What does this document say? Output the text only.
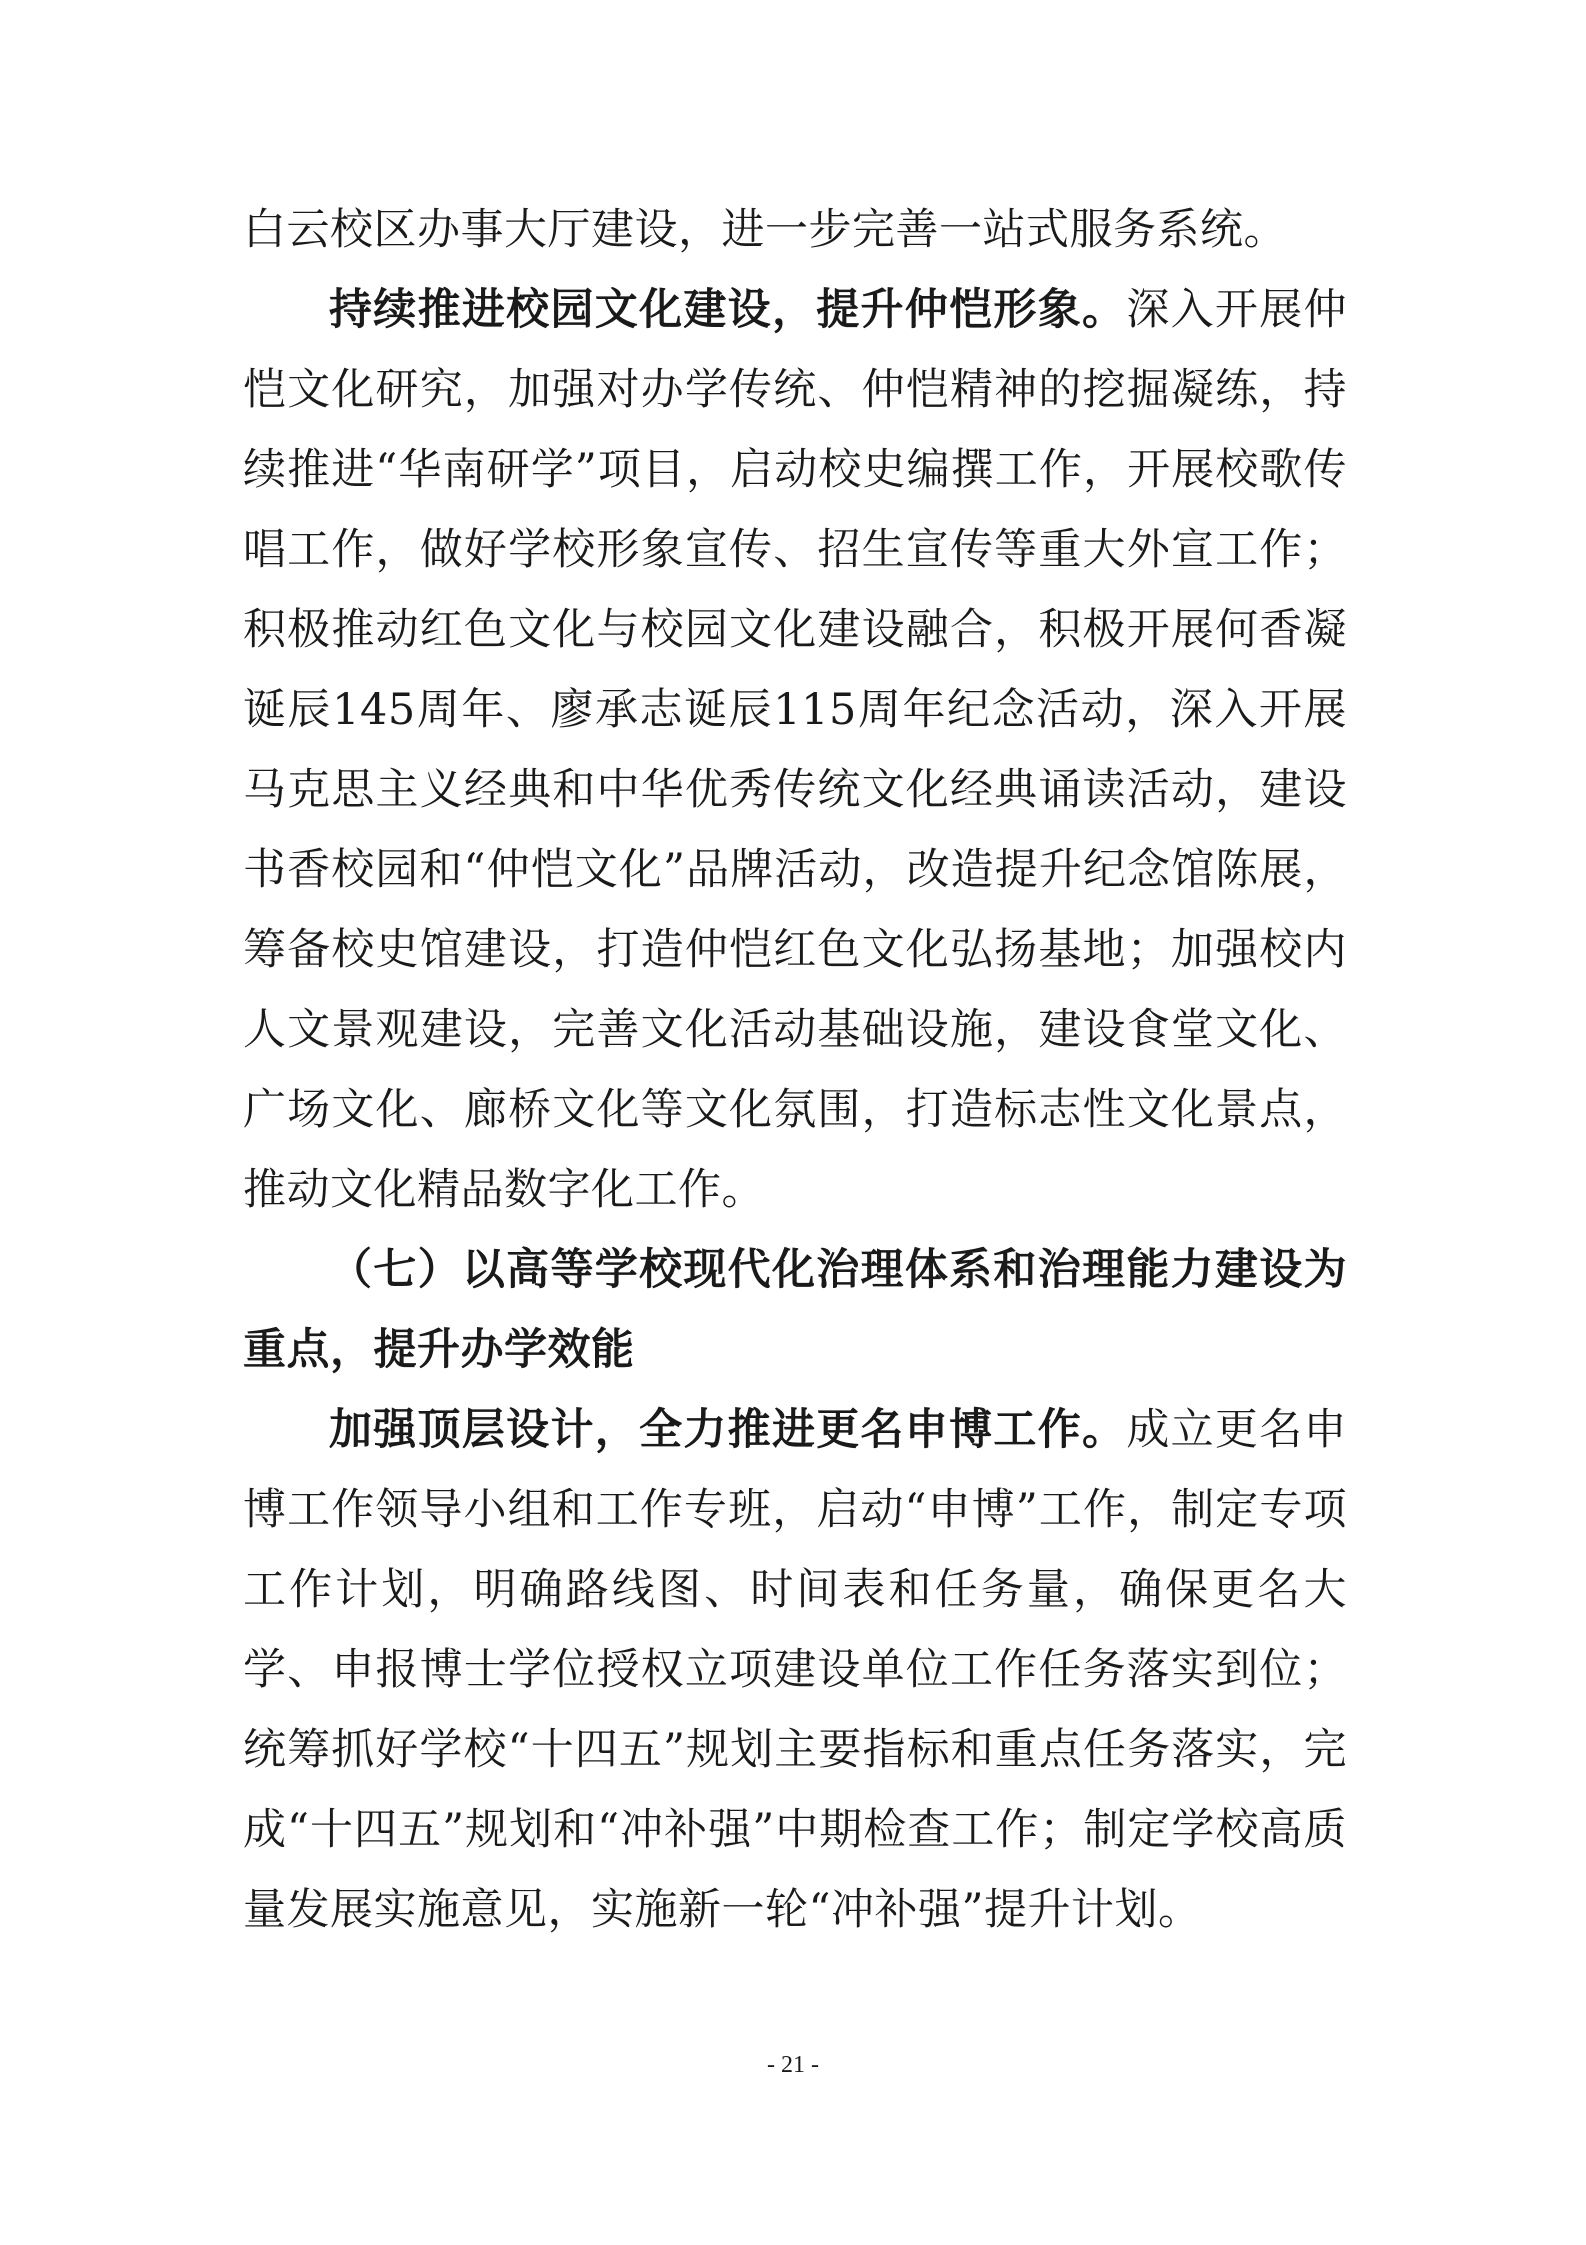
白云校区办事大厅建设，进一步完善一站式服务系统。

持续推进校园文化建设，提升仲恺形象。深入开展仲恺文化研究，加强对办学传统、仲恺精神的挖掘凝练，持续推进“华南研学”项目，启动校史编撰工作，开展校歌传唱工作，做好学校形象宣传、招生宣传等重大外宣工作；积极推动红色文化与校园文化建设融合，积极开展何香凝诞辰145周年、廖承志诞辰115周年纪念活动，深入开展马克思主义经典和中华优秀传统文化经典诵读活动，建设书香校园和“仲恺文化”品牌活动，改造提升纪念馆陈展，筹备校史馆建设，打造仲恺红色文化弘扬基地；加强校内人文景观建设，完善文化活动基础设施，建设食堂文化、广场文化、廊桥文化等文化氛围，打造标志性文化景点，推动文化精品数字化工作。

（七）以高等学校现代化治理体系和治理能力建设为重点，提升办学效能

加强顶层设计，全力推进更名申博工作。成立更名申博工作领导小组和工作专班，启动“申博”工作，制定专项工作计划，明确路线图、时间表和任务量，确保更名大学、申报博士学位授权立项建设单位工作任务落实到位；统筹抓好学校“十四五”规划主要指标和重点任务落实，完成“十四五”规划和“冲补强”中期检查工作；制定学校高质量发展实施意见，实施新一轮“冲补强”提升计划。

- 21 -
